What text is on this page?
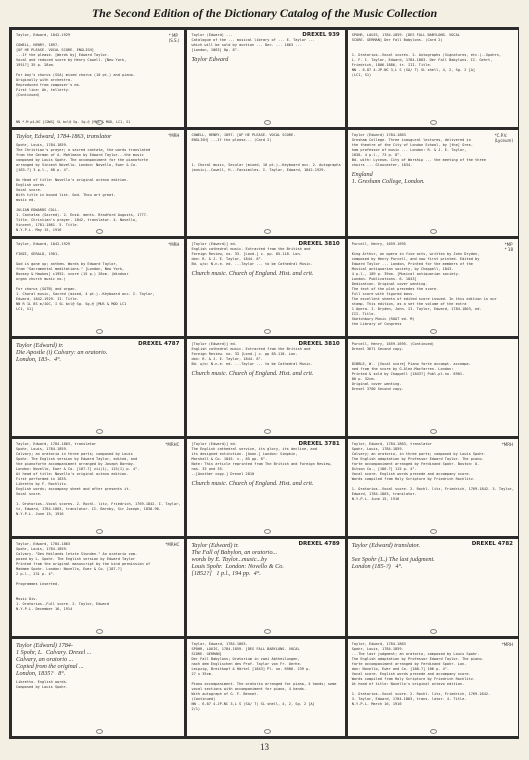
The Second Edition of the Dictionary Catalog of the Music Collection
* MP
(S.S.)
Taylor, Edward, 1842-1929

COWELL, HENRY, 1897-
[OF HE PLEASE. VOCAL SCORE. ENGLISH]
...If the please. [Words by] Edward Taylor.
Vocal and reduced score by Henry Cowell. [New York,
1951?] 35 p. 28cm.

For boy's chorus (SSA) mixed chorus (10 pt.) and piano.
Originally with orchestra.
Reproduced from composer's ms.
First line: Ah, tellerty.
(Continued)
NN *.M p4-NC [COWS] SL bcl@ Sg. Sg.@ [MUS & MOD, LC1, S1
DREXEL 939
Taylor (Edward) ...
Catalogue of the ... musical library of ... E. Taylor ...
which will be sold by auction ... Dec. ... 1863 ...
[London, 1863] 8p. 8°.
Taylor Edward
SPOHR, LOUIS, 1784-1859. [DES FALL BABYLONS. VOCAL
SCORE. GERMAN] Der Fall Babylons. (Card 2)

1. Oratorios--Vocal scores. 2. Autographs (Signatures, etc.)--Spohrs,
L. F. I. Taylor, Edward, 1784-1863. Der Fall Babylons. II. Gehrt,
Friedrich, 1806-1886, tr. III. Title.
NN - 6.87 4.JP-NC 3,L S (SA/ T) SL shell, 4, 2, Sg. 2 [A]
(LC1, S1)
*MRH
Taylor, Edward, 1784-1863, translator
Spohr, Louis, 1784-1859.
The Christian's prayer; a sacred cantata, the words translated
from the German of A. Mahlmann by Edward Taylor...the music
composed by Louis Spohr. The accompaniment for the pianoforte
arranged by Vincent Novello. London: Novello, Ewer & Co.
[183-?] 3 p.l., 68 p. 4°.

On Head of title: Novello's original octavo edition.
English words.
Vocal score.
With title in bound list. God. Thou art great.
music ed.

JULIAN EDWARDS COLL.
1. Cantatas (Sacred). 2. Ensb- ments. Bradford Augusts, 1777-
Title. Christian's prayer. 1842, translator. 4. Novello,
Vincent, 1781-1861. 5. Title.
N.Y.P.L. May 15, 1916
COWELL, HENRY, 1897- [OF HE PLEASE. VOCAL SCORE.
ENGLISH] ...If the please... (Card 2)

1. Choral music, Secular (mixed, 10 pt.)--Keyboard acc. 2. Autographs
(music)--Cowell, H.--Facsimiles. I. Taylor, Edward, 1842-1929.
*C.P.V.
(Lyceum)
Taylor (Edward) 1784-1863
Gresham College. Three inaugural lectures, delivered in
the theatre of the City of London School, by [the] Gres-
ham professor of music ... London: R. & J. E. Taylor,
1838. 4 p.l., 73 p. 8°.
Bd. with: Lyceum. City of Worship ... the meeting of the three
choirs ... Gloucester, 1834.
England
1. Gresham College, London.
*MRH
Taylor, Edward, 1842-1929

FINZI, GERALD, 1901-

God is gone up; anthem. Words by Edward Taylor,
from "Sacramental meditations." [London, New York,
Boosey & Hawkes] c1952. score (15 p.) 28cm. (Windsor
organ church music no.)

For chorus (SATB) and organ.
1. Choral music, Sacred (mixed, 4 pt.)--Keyboard acc. I. Taylor,
Edward, 1842-1929. II. Title.
NN R 1L 8S m/JOC, I SL bcl@ Sg. Sg.@ [MUS & MOD LC1
LC1, S1]
DREXEL 3810
[Taylor (Edward)] ed.
English cathedral music. Extracted from the British and
Foreign Review, no. 33. [Lond.] c. pp. 85-118. Lon-
don: R. & J. E. Taylor, 1844. 8°.
Bd. w/o: N.n.e. ed. ...Taylor ... to be Cathedral Music.
Church music. Church of England. Hist. and crit.
*MP
* 18
Purcell, Henry, 1659-1695

King Arthur, an opera in five acts, written by John Dryden,
composed by Henry Purcell, and now first printed. Edited by
Edward Taylor ... London, Printed for the members of the
Musical antiquarian society, by Chappell, 1843.
4 p.l., 189 p. 39cm. [Musical antiquarian society.
London. Publications. 6. 1843]
Dedication. Original cover wanting.
The text of the plot precedes the score.
Full score with figured bass.
The excellent sheets of edited score issued. In this edition is our
stamp. This edition, as a set the volume of the extra
1 Opera. I. Dryden, John. II. Taylor, Edward, 1784-1863, ed.
III. Title.
Sketchbury Music (ROAT ed. M)
the Library of Congress
DREXEL 4787
Taylor (Edward) tr.
Die Apostle (i) Calvary: an oratorio.
London, 183-.  4°.
DREXEL 3810
[Taylor (Edward)] ed.
English cathedral music. Extracted from the British and
Foreign Review. no. 33 [Lond.] c. pp 85-118. Lon-
don: R. & J. E. Taylor, 1844. 8°.
Bd. w/o: N.n.e. ed. ...Taylor ... to be Cathedral Music.
Church music. Church of England. Hist. and crit.
Purcell, Henry, 1659-1695. (Continued)
Drexel 3671 Second copy.

DIBBLE, W.- [Vocal score] Piano forte accompt. accompa-
ned from the score by G.Alex.Macfarren. London:
Printed & sold by Chappell [1843?] Publ.pl.no. 6901.
80 p. 32cm.
Original cover wanting.
Drexel 3700 Second copy.
*MRHC
Taylor, Edward, 1784-1863, translator
Spohr, Louis, 1784-1859.
Calvary; an oratorio in three parts; composed by Louis
Spohr. The English version by Edward Taylor, edited, and
the pianoforte accompaniment arranged by Joseph Barnby.
London: Novello, Ewer & Co. [187-?] vii(1), 115(1) p. 4°.
At head of title: Novello's original octavo edition.
First performed in 1835.
Libretto by F. Rochlitz.
English words; accompany sheet and after presents it.
Vocal score.

1. Oratorios--Vocal scores. 2. Rochl- litz, Friedrich, 1769-1842. I. Taylor,
tz, Edward, 1784-1863, translator. II. Barnby, Sir Joseph, 1838-96.
N.Y.P.L. June 15, 1916
DREXEL 3781
[Taylor (Edward)] ed.
The English cathedral service, its glory, its decline, and
its designed extinction. [Anon.] London: Simpkin,
Marshall & Co. 1845. v., 85 pp. 8°.
Note: This article reprinted from The British and Foreign Review,
nos. 33 and 35.
--[Another copy.] Drexel 2810
Church music. Church of England. Hist. and crit.
*MRH
Taylor, Edward, 1784-1863, translator
Spohr, Louis, 1784-1859.
Calvary; an oratorio, in three parts; composed by Louis Spohr.
The English adaptation by Professor Edward Taylor. The piano-
forte accompaniment arranged by Ferdinand Spohr. Boston: O.
Ditson Co., [186-?] 115 p. 4°.
Vocal score. English words precede and accompany score.
Words compiled from Holy Scripture by Friedrich Rochlitz.

1. Oratorios--Vocal score. 2. Rochl- litz, Friedrich, 1769-1842. 3. Taylor,
Edward, 1784-1863, translator.
N.Y.P.L. June 15, 1916
*MRHC
Taylor, Edward, 1784-1863
Spohr, Louis, 1784-1859.
Calvary. "Des Heilands letzte Stunden." An oratorio com-
posed by L. Spohr. The English version by Edward Taylor
Printed from the original manuscript by the kind permission of
Madame Spohr. London: Novello, Ewer & Co. [187-?]
2 p.l., 231 p. 4°.

Programmes inserted.

Music Div.
1. Oratorios--Full score. 2. Taylor, Edward
N.Y.P.L. December 16, 1914
DREXEL 4789
Taylor (Edward) tr.
The Fall of Babylon, an oratorio...
words by E. Taylor...music...by
Louis Spohr.  London: Novello & Co.
[1852?]   1 p.l., 194 pp.  4°.
DREXEL 4782
Taylor (Edward) translator.

See Spohr (L.) The last judgment.
London (185-?)   4°.
Taylor (Edward) 1784-
1 Spohr, L.  Calvary. Drexel ...
Calvary, an oratorio ...
Copied from the original ...
London, 1835?   8°.
Libretto. English words.
Composed by Louis Spohr.
Taylor, Edward, 1784-1863.
SPOHR, LOUIS, 1784-1859. [DES FALL BABYLONS. VOCAL
SCORE. GERMAN]
Der Fall Babylons; Oratorium in zwei Abtheilungen,
nach dem Englischen des Prof. Taylor von Fr. Oerhe.
Leipzig, Breitkopf & Härtel [1843] Pl. no. 6986. 239 p.
27 x 35cm.

Piano accompaniment. The oratorio arranged for piano, 4 hands; some
vocal sections with accompaniment for piano, 4 hands.
With autograph of G. F. Bennet.
(Continued)
NN - 6.87 4.JP-NC 3,L S (SA/ T) SL shell, 4, 2, Sg. 2 [A]
2/1)
*MRH
Taylor, Edward, 1784-1863
Spohr, Louis, 1784-1859.
...The last judgment; an oratorio, composed by Louis Spohr.
The English adaptation by Professor Edward Taylor. The piano-
forte accompaniment arranged by Ferdinand Spohr. Lon-
don: Novello, Ewer and Co. [188-?] 106 p. 4°.
Vocal score. English words precede and accompany score.
Words compiled from Holy Scripture by Friedrich Rochlitz.
At head of title: Novello's original octavo edition.

1. Oratorios--Vocal score. 2. Rochl- litz, Friedrich, 1769-1842.
3. Taylor, Edward, 1784-1863, trans- lator. 4. Title.
N.Y.P.L. March 16, 1916
13
